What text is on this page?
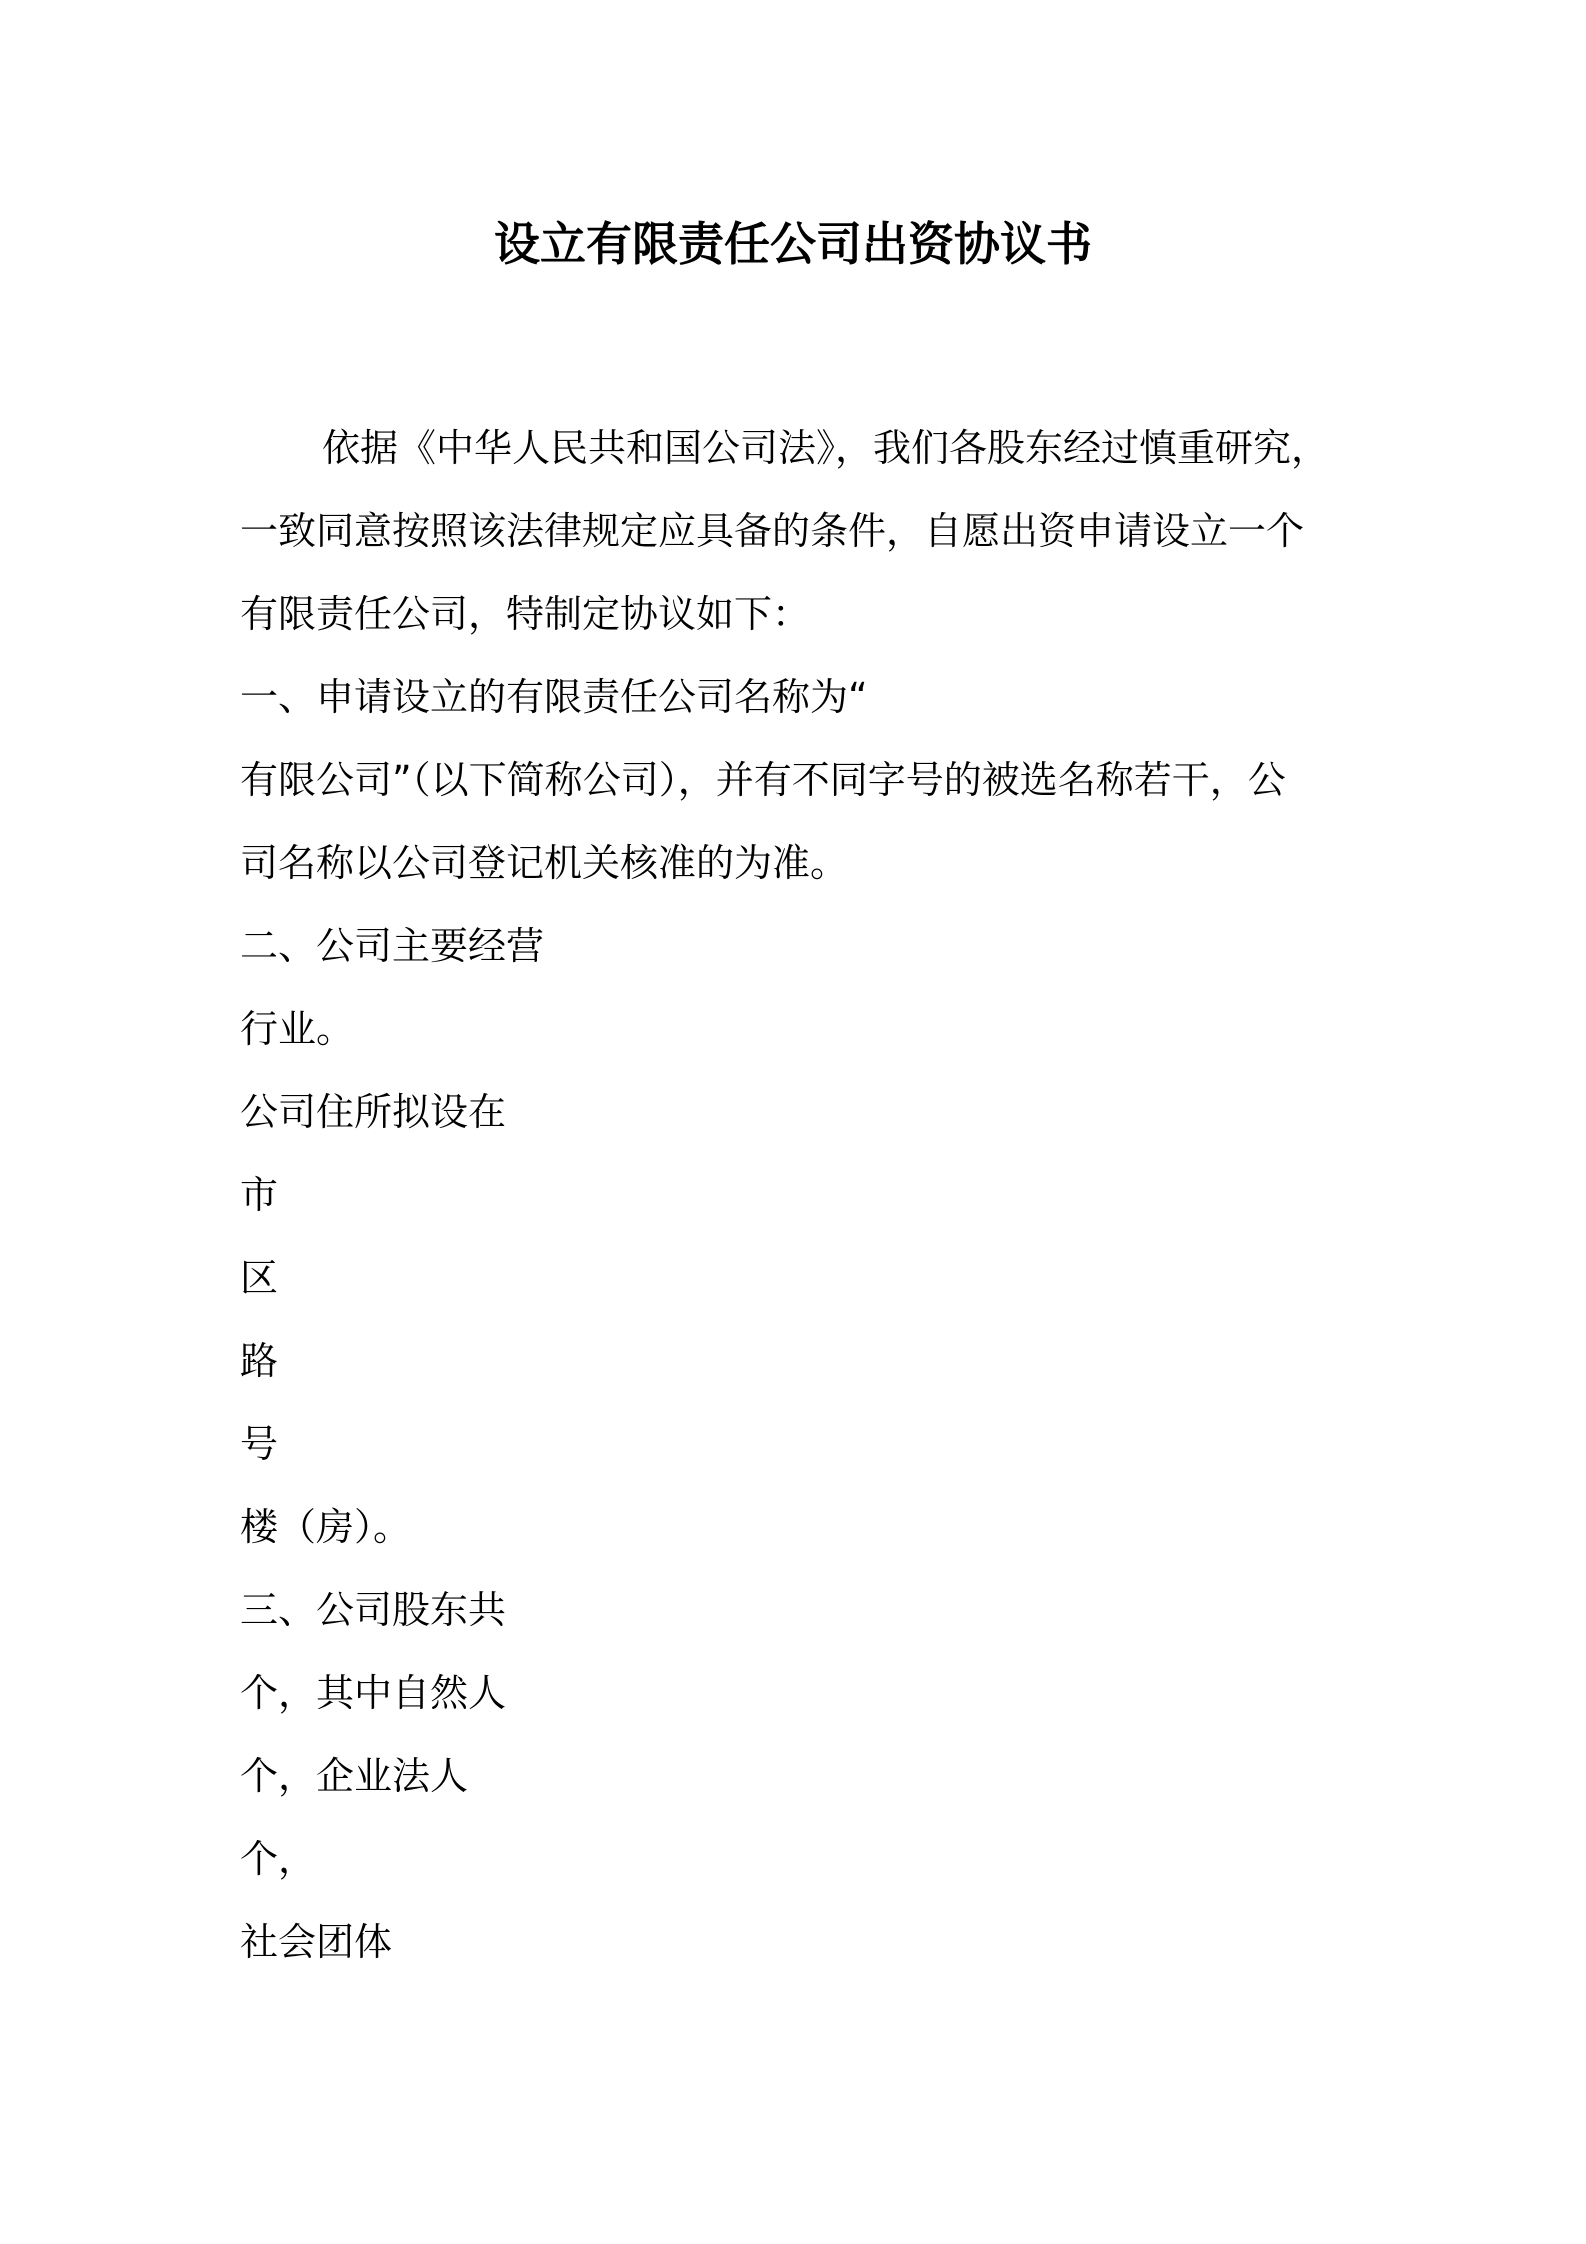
设立有限责任公司出资协议书
依据《中华人民共和国公司法》，我们各股东经过慎重研究，
一致同意按照该法律规定应具备的条件，自愿出资申请设立一个
有限责任公司，特制定协议如下：
一、申请设立的有限责任公司名称为“
有限公司”（以下简称公司），并有不同字号的被选名称若干，公
司名称以公司登记机关核准的为准。
二、公司主要经营
行业。
公司住所拟设在
市
区
路
号
楼（房）。
三、公司股东共
个，其中自然人
个，企业法人
个，
社会团体
